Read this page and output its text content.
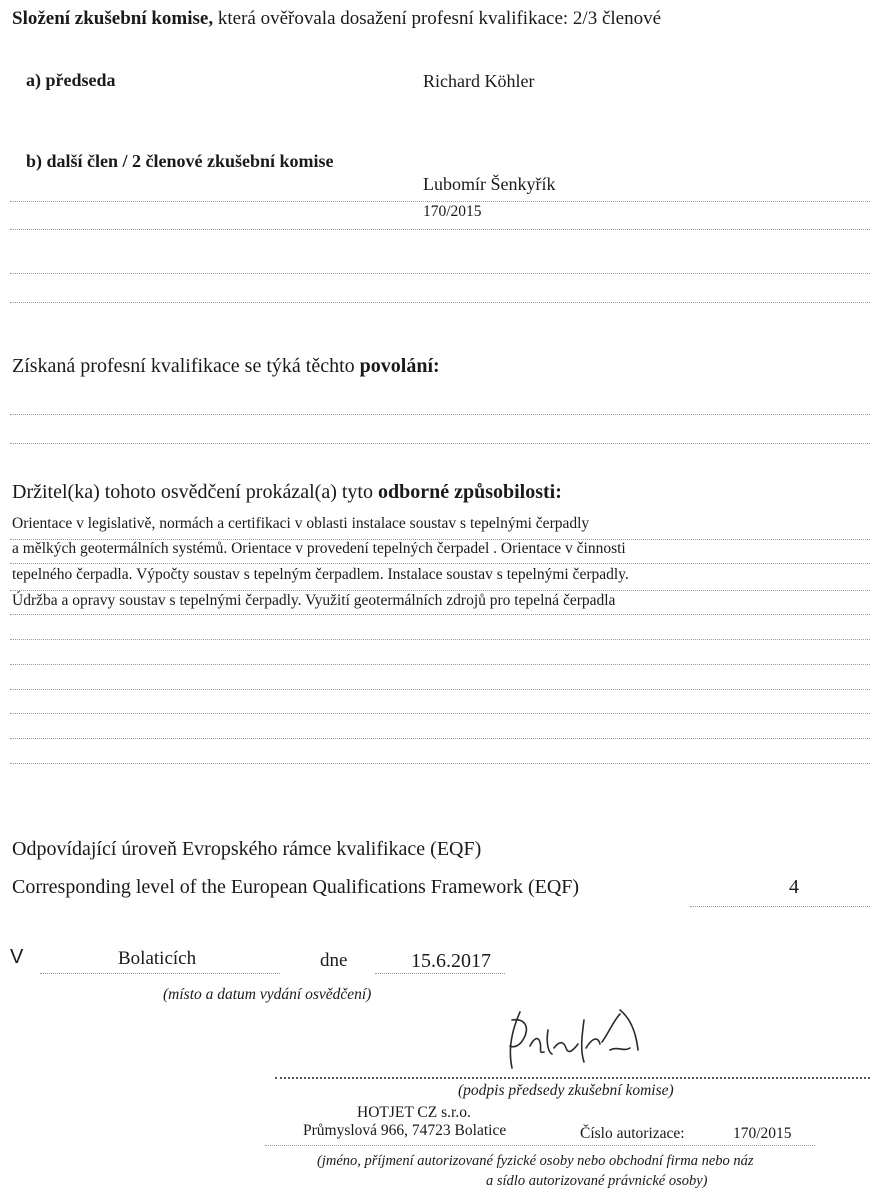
Složení zkušební komise, která ověřovala dosažení profesní kvalifikace: 2/3 členové
a) předseda	Richard Köhler
b) další člen / 2 členové zkušební komise
Lubomír Šenkyřík
170/2015
Získaná profesní kvalifikace se týká těchto povolání:
Držitel(ka) tohoto osvědčení prokázal(a) tyto odborné způsobilosti:
Orientace v legislativě, normách a certifikaci v oblasti instalace soustav s tepelnými čerpadly
a mělkých geotermálních systémů. Orientace v provedení tepelných čerpadel . Orientace v činnosti
tepelného čerpadla. Výpočty soustav s tepelným čerpadlem. Instalace soustav s tepelnými čerpadly.
Údržba a opravy soustav s tepelnými čerpadly. Využití geotermálních zdrojů pro tepelná čerpadla
Odpovídající úroveň Evropského rámce kvalifikace (EQF)
Corresponding level of the European Qualifications Framework (EQF)	4
V	Bolaticích	dne	15.6.2017
(místo a datum vydání osvědčení)
(podpis předsedy zkušební komise)
HOTJET CZ s.r.o.
Průmyslová 966, 74723 Bolatice	Číslo autorizace:	170/2015
(jméno, příjmení autorizované fyzické osoby nebo obchodní firma nebo náz
a sídlo autorizované právnické osoby)
